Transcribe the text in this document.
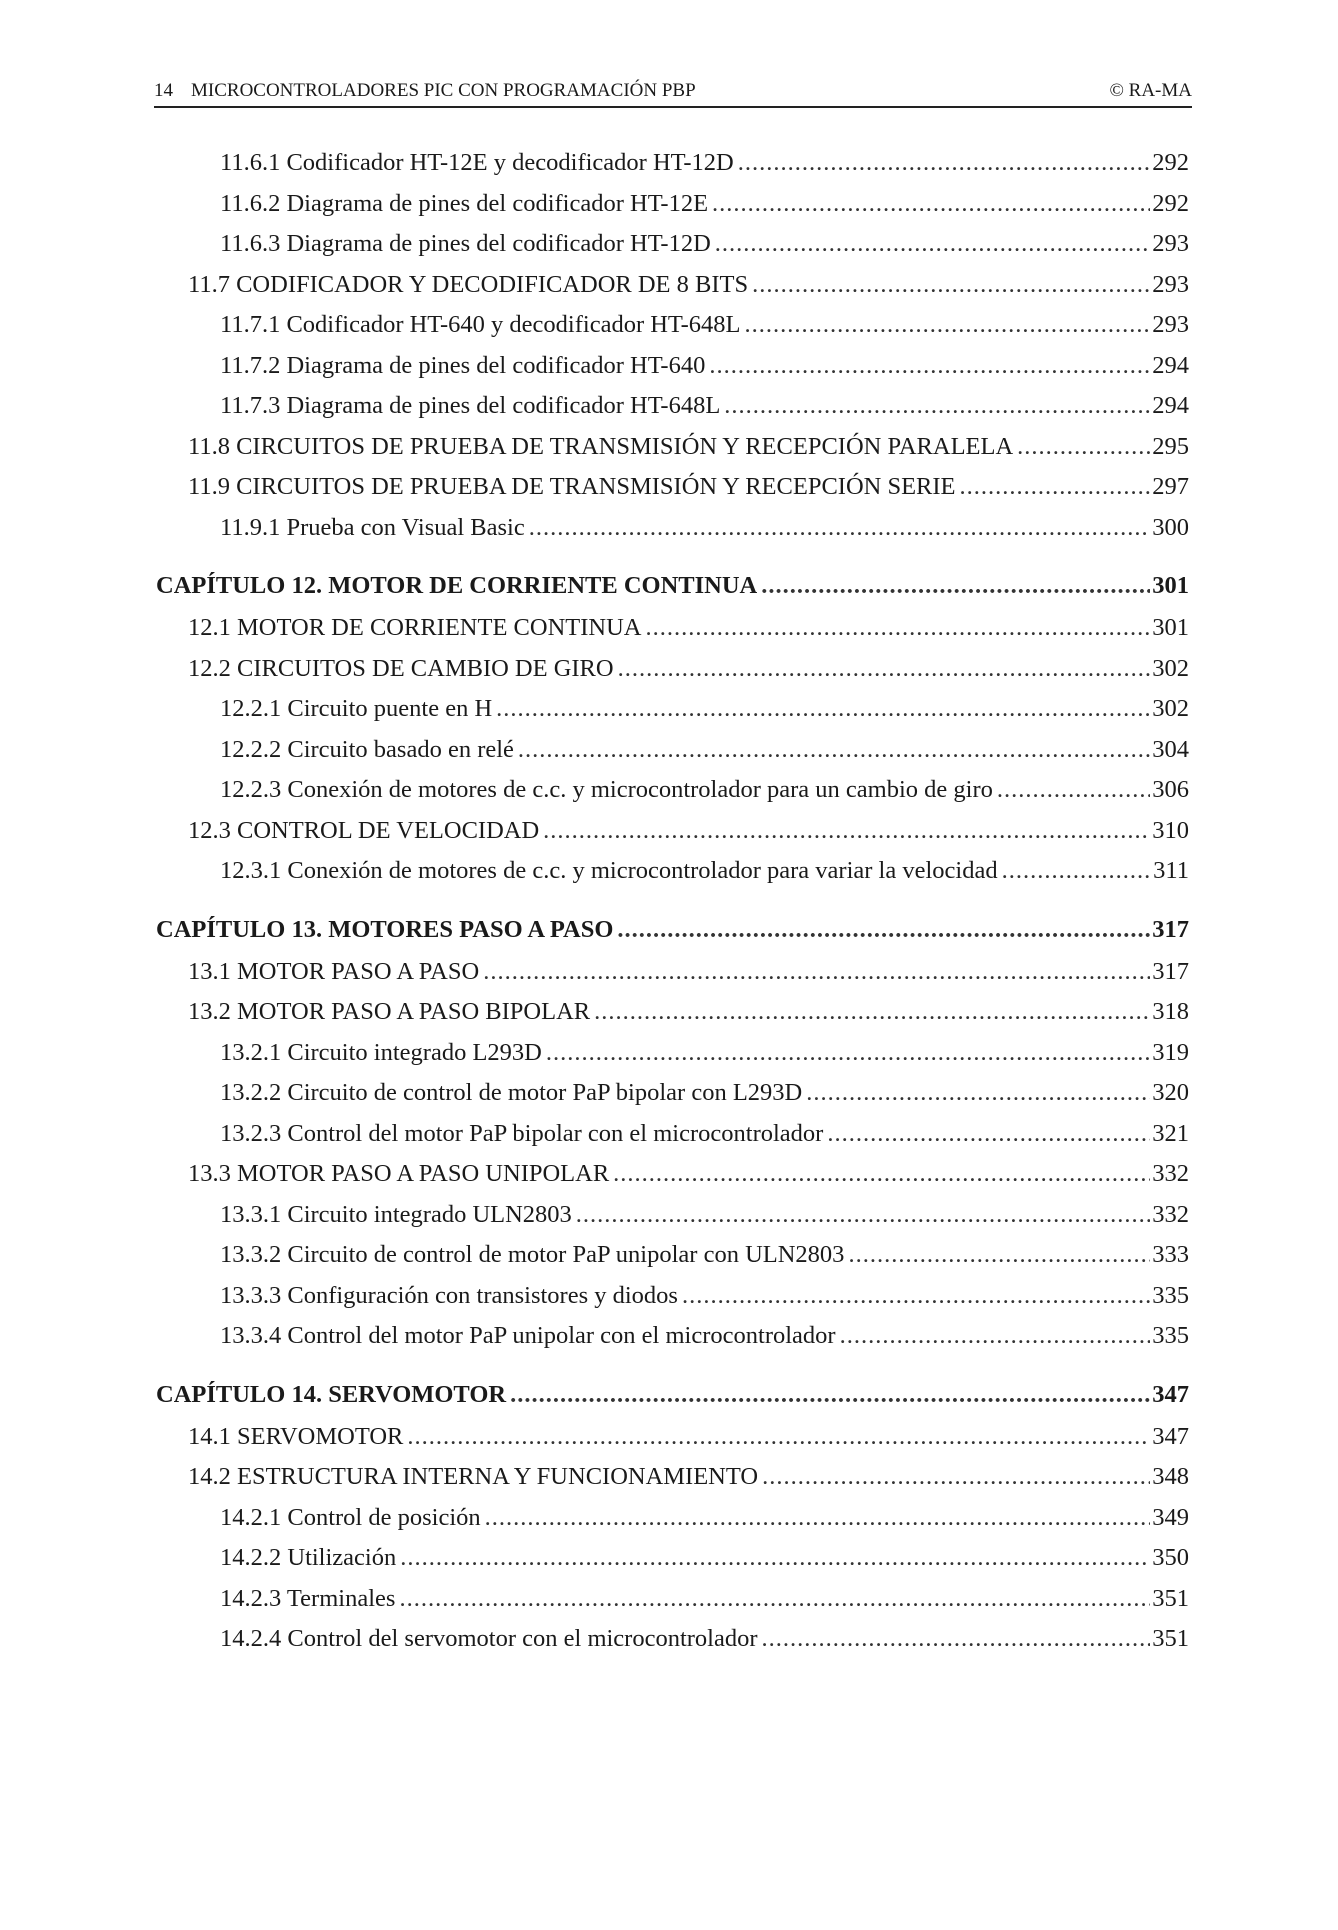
14 MICROCONTROLADORES PIC CON PROGRAMACIÓN PBP	© RA-MA
11.6.1 Codificador HT-12E y decodificador HT-12D .....	292
11.6.2 Diagrama de pines del codificador HT-12E .....	292
11.6.3 Diagrama de pines del codificador HT-12D .....	293
11.7 CODIFICADOR Y DECODIFICADOR DE 8 BITS .....	293
11.7.1 Codificador HT-640 y decodificador HT-648L .....	293
11.7.2 Diagrama de pines del codificador HT-640 .....	294
11.7.3 Diagrama de pines del codificador HT-648L .....	294
11.8 CIRCUITOS DE PRUEBA DE TRANSMISIÓN Y RECEPCIÓN PARALELA .....	295
11.9 CIRCUITOS DE PRUEBA DE TRANSMISIÓN Y RECEPCIÓN SERIE .....	297
11.9.1 Prueba con Visual Basic .....	300
CAPÍTULO 12. MOTOR DE CORRIENTE CONTINUA .....	301
12.1 MOTOR DE CORRIENTE CONTINUA .....	301
12.2 CIRCUITOS DE CAMBIO DE GIRO .....	302
12.2.1 Circuito puente en H .....	302
12.2.2 Circuito basado en relé .....	304
12.2.3 Conexión de motores de c.c. y microcontrolador para un cambio de giro .....	306
12.3 CONTROL DE VELOCIDAD .....	310
12.3.1 Conexión de motores de c.c. y microcontrolador para variar la velocidad .....	311
CAPÍTULO 13. MOTORES PASO A PASO .....	317
13.1 MOTOR PASO A PASO .....	317
13.2 MOTOR PASO A PASO BIPOLAR .....	318
13.2.1 Circuito integrado L293D .....	319
13.2.2 Circuito de control de motor PaP bipolar con L293D .....	320
13.2.3 Control del motor PaP bipolar con el microcontrolador .....	321
13.3 MOTOR PASO A PASO UNIPOLAR .....	332
13.3.1 Circuito integrado ULN2803 .....	332
13.3.2 Circuito de control de motor PaP unipolar con ULN2803 .....	333
13.3.3 Configuración con transistores y diodos .....	335
13.3.4 Control del motor PaP unipolar con el microcontrolador .....	335
CAPÍTULO 14. SERVOMOTOR .....	347
14.1 SERVOMOTOR .....	347
14.2 ESTRUCTURA INTERNA Y FUNCIONAMIENTO .....	348
14.2.1 Control de posición .....	349
14.2.2 Utilización .....	350
14.2.3 Terminales .....	351
14.2.4 Control del servomotor con el microcontrolador .....	351
